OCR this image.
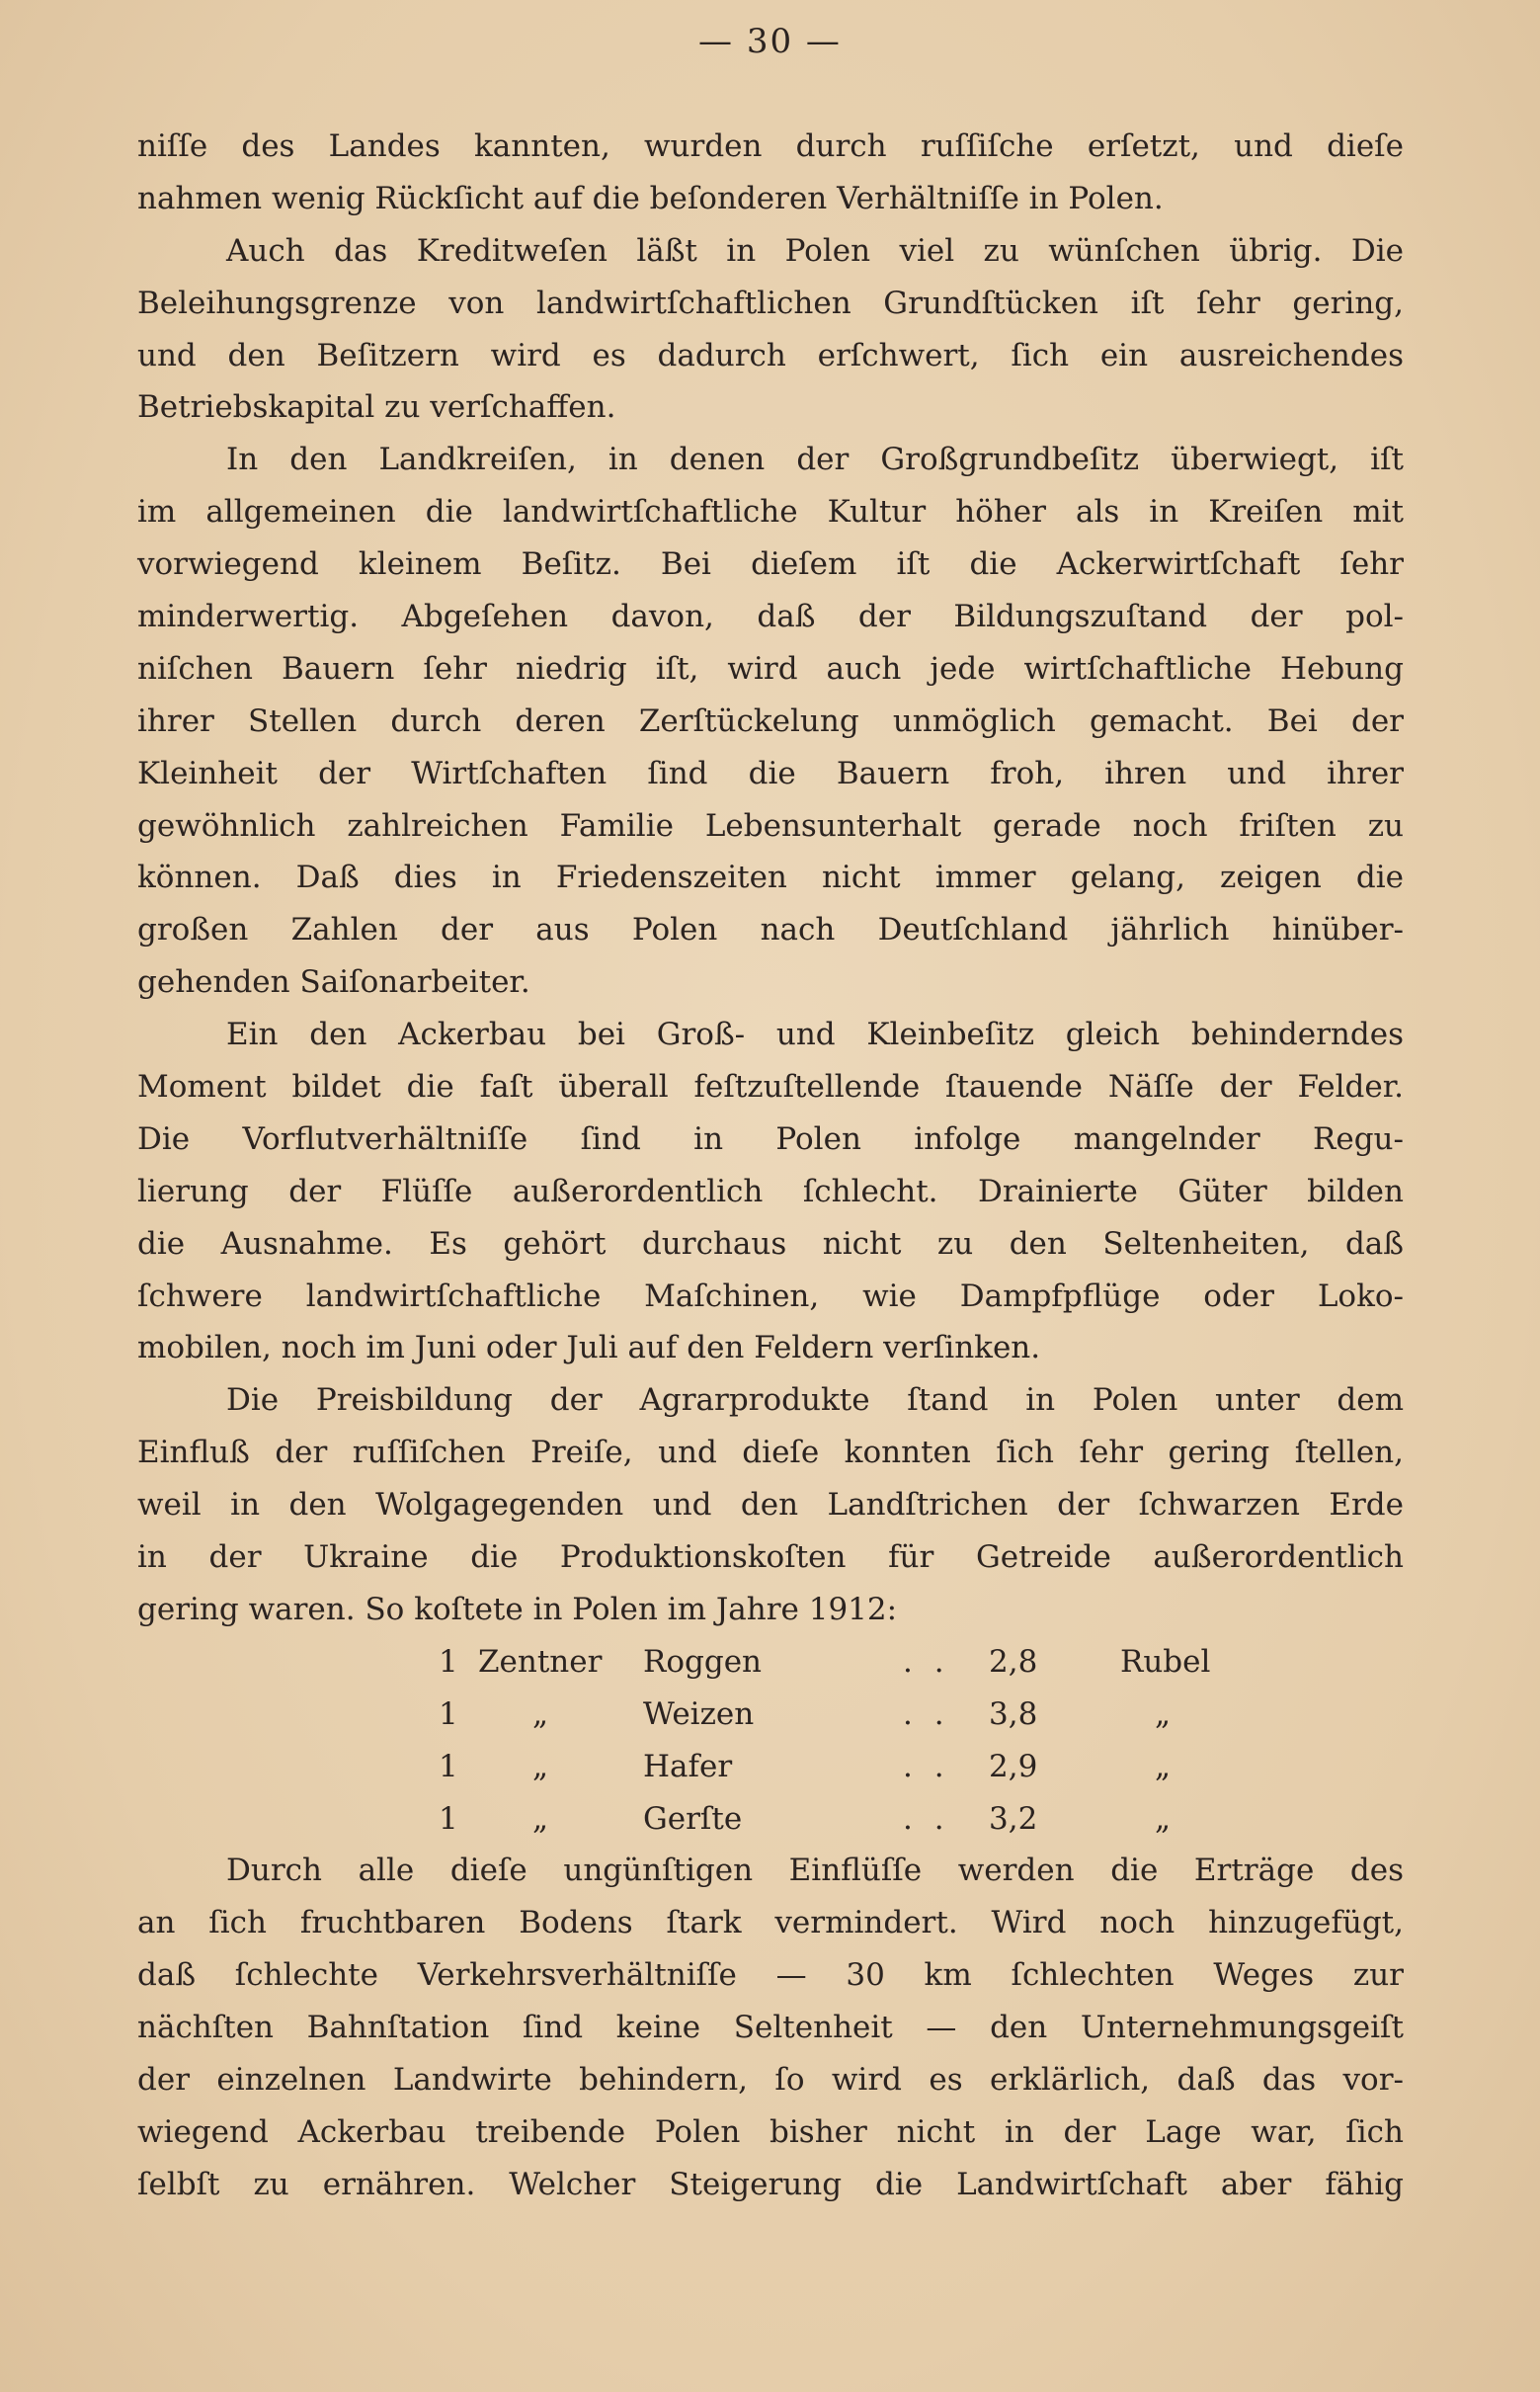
— 30 —
niſſe des Landes kannten, wurden durch ruſſiſche erſetzt, und dieſe
nahmen wenig Rückſicht auf die beſonderen Verhältniſſe in Polen.
Auch das Kreditweſen läßt in Polen viel zu wünſchen übrig. Die
Beleihungsgrenze von landwirtſchaftlichen Grundſtücken iſt ſehr gering,
und den Beſitzern wird es dadurch erſchwert, ſich ein ausreichendes
Betriebskapital zu verſchaffen.
In den Landkreiſen, in denen der Großgrundbeſitz überwiegt, iſt
im allgemeinen die landwirtſchaftliche Kultur höher als in Kreiſen mit
vorwiegend kleinem Beſitz. Bei dieſem iſt die Ackerwirtſchaft ſehr
minderwertig. Abgeſehen davon, daß der Bildungszuſtand der pol-
niſchen Bauern ſehr niedrig iſt, wird auch jede wirtſchaftliche Hebung
ihrer Stellen durch deren Zerſtückelung unmöglich gemacht. Bei der
Kleinheit der Wirtſchaften ſind die Bauern froh, ihren und ihrer
gewöhnlich zahlreichen Familie Lebensunterhalt gerade noch friſten zu
können. Daß dies in Friedenszeiten nicht immer gelang, zeigen die
großen Zahlen der aus Polen nach Deutſchland jährlich hinüber-
gehenden Saiſonarbeiter.
Ein den Ackerbau bei Groß- und Kleinbeſitz gleich behinderndes
Moment bildet die faſt überall feſtzuſtellende ſtauende Näſſe der Felder.
Die Vorflutverhältniſſe ſind in Polen infolge mangelnder Regu-
lierung der Flüſſe außerordentlich ſchlecht. Drainierte Güter bilden
die Ausnahme. Es gehört durchaus nicht zu den Seltenheiten, daß
ſchwere landwirtſchaftliche Maſchinen, wie Dampfpflüge oder Loko-
mobilen, noch im Juni oder Juli auf den Feldern verſinken.
Die Preisbildung der Agrarprodukte ſtand in Polen unter dem
Einfluß der ruſſiſchen Preiſe, und dieſe konnten ſich ſehr gering ſtellen,
weil in den Wolgagegenden und den Landſtrichen der ſchwarzen Erde
in der Ukraine die Produktionskoſten für Getreide außerordentlich
gering waren. So koſtete in Polen im Jahre 1912:
1 Zentner Roggen	. . 2,8	Rubel
1 „	Weizen	. . 3,8	„
1 „	Hafer	. . 2,9	„
1 „	Gerſte	. . 3,2	„
Durch alle dieſe ungünſtigen Einflüſſe werden die Erträge des
an ſich fruchtbaren Bodens ſtark vermindert. Wird noch hinzugefügt,
daß ſchlechte Verkehrsverhältniſſe — 30 km ſchlechten Weges zur
nächſten Bahnſtation ſind keine Seltenheit — den Unternehmungsgeiſt
der einzelnen Landwirte behindern, ſo wird es erklärlich, daß das vor-
wiegend Ackerbau treibende Polen bisher nicht in der Lage war, ſich
ſelbſt zu ernähren. Welcher Steigerung die Landwirtſchaft aber fähig
